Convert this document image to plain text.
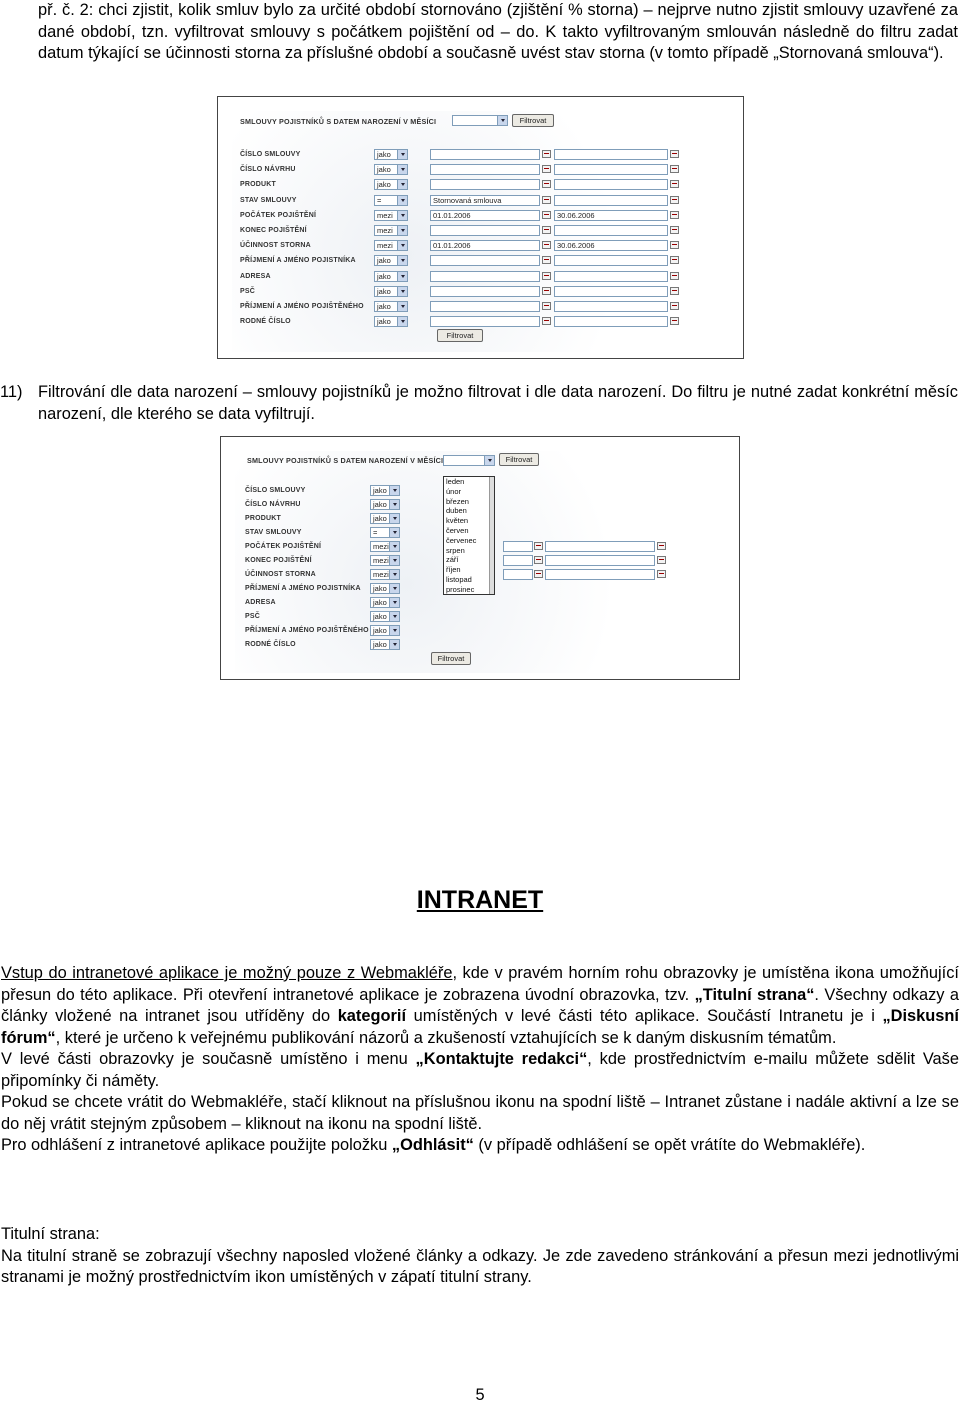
př. č. 2: chci zjistit, kolik smluv bylo za určité období stornováno (zjištění % storna) – nejprve nutno zjistit smlouvy uzavřené za dané období, tzn. vyfiltrovat smlouvy s počátkem pojištění od – do. K takto vyfiltrovaným smlouván následně do filtru zadat datum týkající se účinnosti storna za příslušné období a současně uvést stav storna (v tomto případě „Stornovaná smlouva“).
SMLOUVY POJISTNÍKŮ S DATEM NAROZENÍ V MĚSÍCI	Filtrovat
ČÍSLO SMLOUVY	jako
ČÍSLO NÁVRHU	jako
PRODUKT	jako
STAV SMLOUVY	=	Stornovaná smlouva
POČÁTEK POJIŠTĚNÍ	mezi	01.01.2006	30.06.2006
KONEC POJIŠTĚNÍ	mezi
ÚČINNOST STORNA	mezi	01.01.2006	30.06.2006
PŘÍJMENÍ A JMÉNO POJISTNÍKA	jako
ADRESA	jako
PSČ	jako
PŘÍJMENÍ A JMÉNO POJIŠTĚNÉHO	jako
RODNÉ ČÍSLO	jako
Filtrovat
11) Filtrování dle data narození – smlouvy pojistníků je možno filtrovat i dle data narození. Do filtru je nutné zadat konkrétní měsíc narození, dle kterého se data vyfiltrují.
SMLOUVY POJISTNÍKŮ S DATEM NAROZENÍ V MĚSÍCI	Filtrovat
ČÍSLO SMLOUVY	jako
ČÍSLO NÁVRHU	jako
PRODUKT	jako
STAV SMLOUVY	=
POČÁTEK POJIŠTĚNÍ	mezi
KONEC POJIŠTĚNÍ	mezi
ÚČINNOST STORNA	mezi
PŘÍJMENÍ A JMÉNO POJISTNÍKA	jako
ADRESA	jako
PSČ	jako
PŘÍJMENÍ A JMÉNO POJIŠTĚNÉHO jako
RODNÉ ČÍSLO	jako
leden
únor
březen
duben
květen
červen
červenec
srpen
září
říjen
listopad
prosinec
Filtrovat
INTRANET
Vstup do intranetové aplikace je možný pouze z Webmakléře, kde v pravém horním rohu obrazovky je umístěna ikona umožňující přesun do této aplikace. Při otevření intranetové aplikace je zobrazena úvodní obrazovka, tzv. „Titulní strana“. Všechny odkazy a články vložené na intranet jsou utříděny do kategorií umístěných v levé části této aplikace. Součástí Intranetu je i „Diskusní fórum“, které je určeno k veřejnému publikování názorů a zkušeností vztahujících se k daným diskusním tématům.
V levé části obrazovky je současně umístěno i menu „Kontaktujte redakci“, kde prostřednictvím e-mailu můžete sdělit Vaše připomínky či náměty.
Pokud se chcete vrátit do Webmakléře, stačí kliknout na příslušnou ikonu na spodní liště – Intranet zůstane i nadále aktivní a lze se do něj vrátit stejným způsobem – kliknout na ikonu na spodní liště.
Pro odhlášení z intranetové aplikace použijte položku „Odhlásit“ (v případě odhlášení se opět vrátíte do Webmakléře).
Titulní strana:
Na titulní straně se zobrazují všechny naposled vložené články a odkazy. Je zde zavedeno stránkování a přesun mezi jednotlivými stranami je možný prostřednictvím ikon umístěných v zápatí titulní strany.
5
